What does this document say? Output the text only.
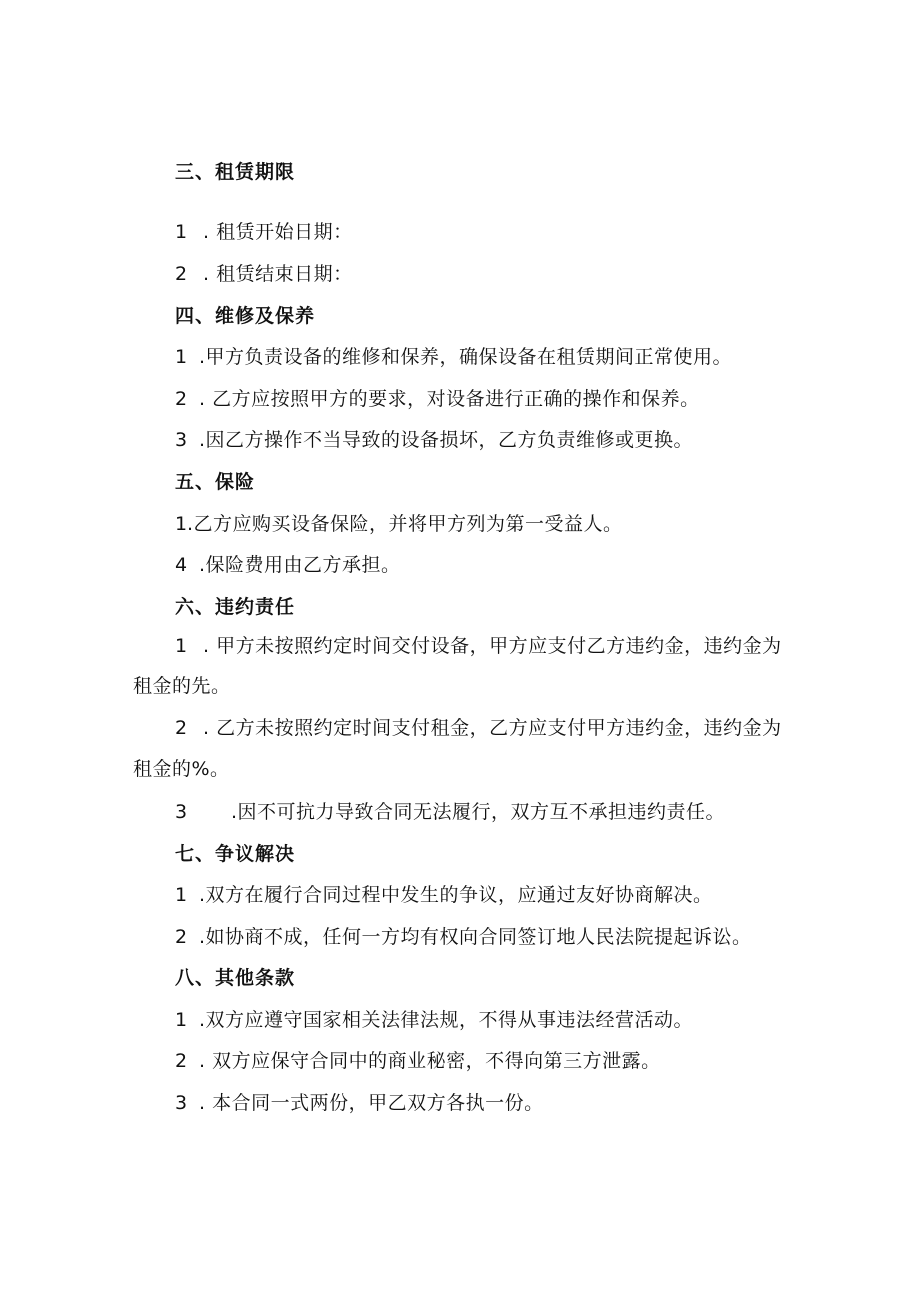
三、租赁期限
1 . 租赁开始日期：
2 . 租赁结束日期：
四、维修及保养
1 .甲方负责设备的维修和保养，确保设备在租赁期间正常使用。
2 . 乙方应按照甲方的要求，对设备进行正确的操作和保养。
3 .因乙方操作不当导致的设备损坏，乙方负责维修或更换。
五、保险
1.乙方应购买设备保险，并将甲方列为第一受益人。
4 .保险费用由乙方承担。
六、违约责任
1 . 甲方未按照约定时间交付设备，甲方应支付乙方违约金，违约金为
租金的先。
2 . 乙方未按照约定时间支付租金，乙方应支付甲方违约金，违约金为
租金的%。
3 .因不可抗力导致合同无法履行，双方互不承担违约责任。
七、争议解决
1 .双方在履行合同过程中发生的争议，应通过友好协商解决。
2 .如协商不成，任何一方均有权向合同签订地人民法院提起诉讼。
八、其他条款
1 .双方应遵守国家相关法律法规，不得从事违法经营活动。
2 . 双方应保守合同中的商业秘密，不得向第三方泄露。
3 . 本合同一式两份，甲乙双方各执一份。
